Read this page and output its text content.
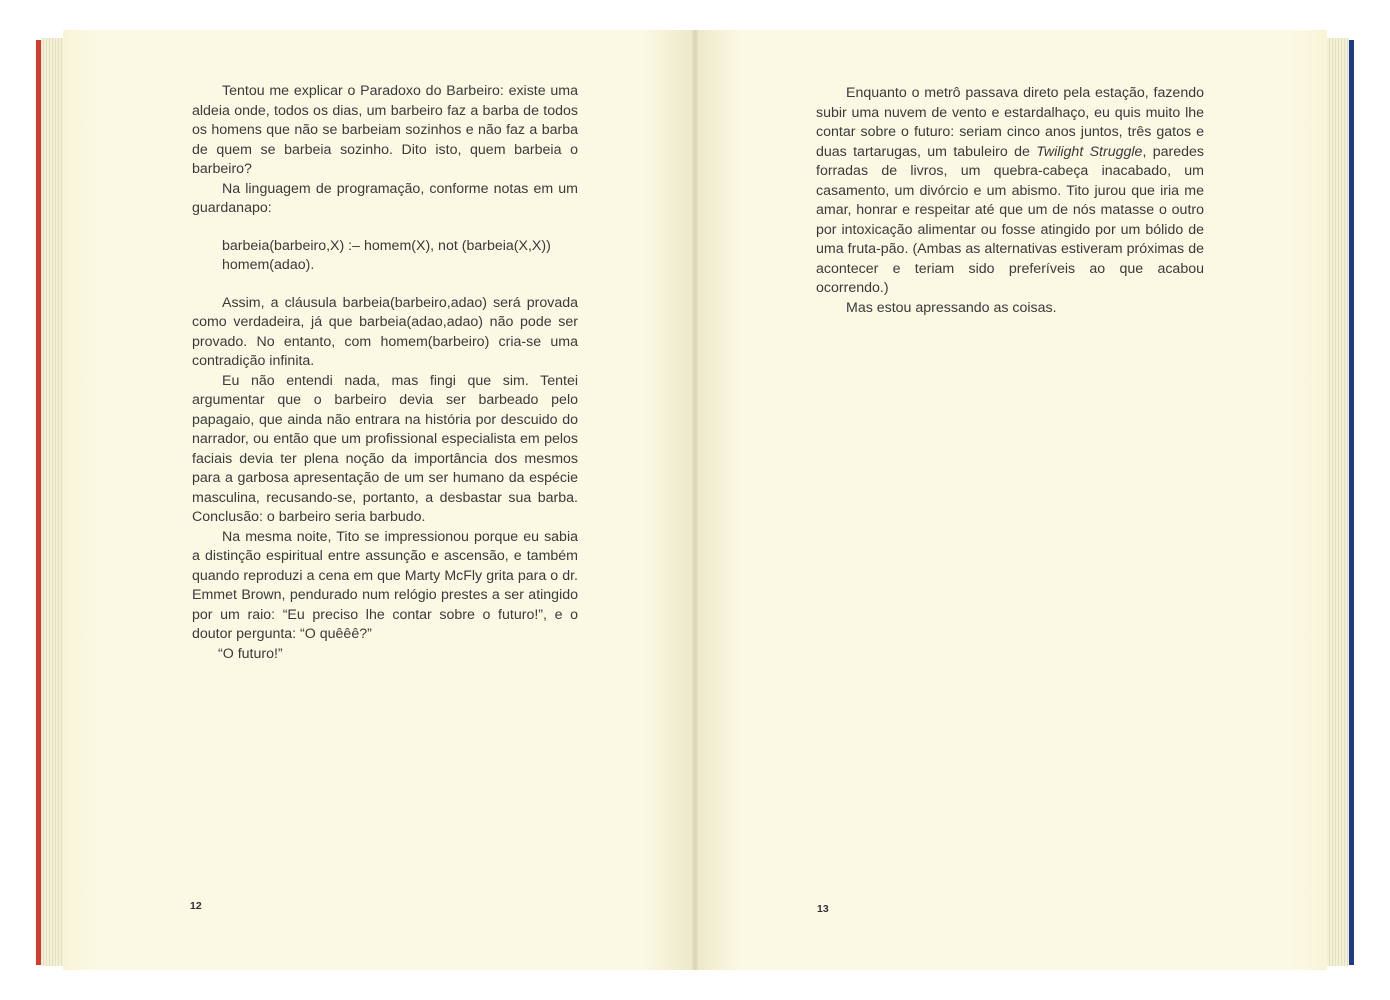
Tentou me explicar o Paradoxo do Barbeiro: existe uma aldeia onde, todos os dias, um barbeiro faz a barba de todos os homens que não se barbeiam sozinhos e não faz a barba de quem se barbeia sozinho. Dito isto, quem barbeia o barbeiro?

Na linguagem de programação, conforme notas em um guardanapo:

barbeia(barbeiro,X) :– homem(X), not (barbeia(X,X))
homem(adao).

Assim, a cláusula barbeia(barbeiro,adao) será provada como verdadeira, já que barbeia(adao,adao) não pode ser provado. No entanto, com homem(barbeiro) cria-se uma contradição infinita.

Eu não entendi nada, mas fingi que sim. Tentei argumentar que o barbeiro devia ser barbeado pelo papagaio, que ainda não entrara na história por descuido do narrador, ou então que um profissional especialista em pelos faciais devia ter plena noção da importância dos mesmos para a garbosa apresentação de um ser humano da espécie masculina, recusando-se, portanto, a desbastar sua barba. Conclusão: o barbeiro seria barbudo.

Na mesma noite, Tito se impressionou porque eu sabia a distinção espiritual entre assunção e ascensão, e também quando reproduzi a cena em que Marty McFly grita para o dr. Emmet Brown, pendurado num relógio prestes a ser atingido por um raio: “Eu preciso lhe contar sobre o futuro!”, e o doutor pergunta: “O quêêê?”

“O futuro!”

12

Enquanto o metrô passava direto pela estação, fazendo subir uma nuvem de vento e estardalhaço, eu quis muito lhe contar sobre o futuro: seriam cinco anos juntos, três gatos e duas tartarugas, um tabuleiro de Twilight Struggle, paredes forradas de livros, um quebra-cabeça inacabado, um casamento, um divórcio e um abismo. Tito jurou que iria me amar, honrar e respeitar até que um de nós matasse o outro por intoxicação alimentar ou fosse atingido por um bólido de uma fruta-pão. (Ambas as alternativas estiveram próximas de acontecer e teriam sido preferíveis ao que acabou ocorrendo.)

Mas estou apressando as coisas.

13
